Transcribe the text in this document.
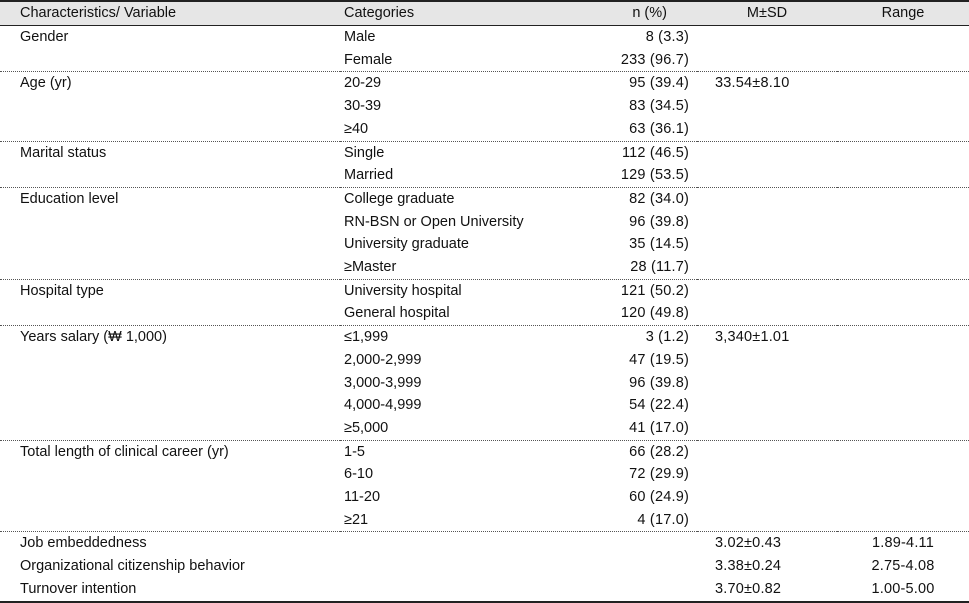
Characteristics/ Variable	Categories	n (%)	M±SD	Range
Gender	Male	8 (3.3)		
	Female	233 (96.7)		
Age (yr)	20-29	95 (39.4)	33.54±8.10	
	30-39	83 (34.5)		
	≥40	63 (36.1)		
Marital status	Single	112 (46.5)		
	Married	129 (53.5)		
Education level	College graduate	82 (34.0)		
	RN-BSN or Open University	96 (39.8)		
	University graduate	35 (14.5)		
	≥Master	28 (11.7)		
Hospital type	University hospital	121 (50.2)		
	General hospital	120 (49.8)		
Years salary (₩ 1,000)	≤1,999	3 (1.2)	3,340±1.01	
	2,000-2,999	47 (19.5)		
	3,000-3,999	96 (39.8)		
	4,000-4,999	54 (22.4)		
	≥5,000	41 (17.0)		
Total length of clinical career (yr)	1-5	66 (28.2)		
	6-10	72 (29.9)		
	11-20	60 (24.9)		
	≥21	4 (17.0)		
Job embeddedness			3.02±0.43	1.89-4.11
Organizational citizenship behavior			3.38±0.24	2.75-4.08
Turnover intention			3.70±0.82	1.00-5.00
